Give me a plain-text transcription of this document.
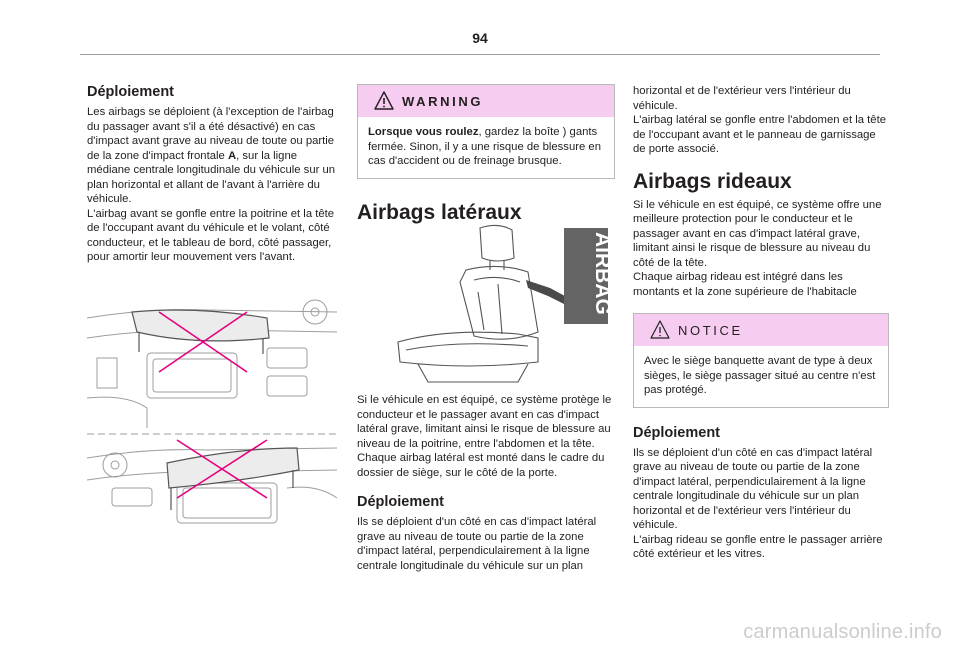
94
Déploiement

Les airbags se déploient (à l'exception de l'airbag du passager avant s'il a été désactivé) en cas d'impact avant grave au niveau de toute ou partie de la zone d'impact frontale A, sur la ligne médiane centrale longitudinale du véhicule sur un plan horizontal et allant de l'avant à l'arrière du véhicule.
L'airbag avant se gonfle entre la poitrine et la tête de l'occupant avant du véhicule et le volant, côté conducteur, et le tableau de bord, côté passager, pour amortir leur mouvement vers l'avant.

WARNING
Lorsque vous roulez, gardez la boîte ) gants fermée. Sinon, il y a une risque de blessure en cas d'accident ou de freinage brusque.
Airbags latéraux
AIRBAG

Si le véhicule en est équipé, ce système protège le conducteur et le passager avant en cas d'impact latéral grave, limitant ainsi le risque de blessure au niveau de la poitrine, entre l'abdomen et la tête.
Chaque airbag latéral est monté dans le cadre du dossier de siège, sur le côté de la porte.

Déploiement

Ils se déploient d'un côté en cas d'impact latéral grave au niveau de toute ou partie de la zone d'impact latéral, perpendiculairement à la ligne centrale longitudinale du véhicule sur un plan

horizontal et de l'extérieur vers l'intérieur du véhicule.
L'airbag latéral se gonfle entre l'abdomen et la tête de l'occupant avant et le panneau de garnissage de porte associé.

Airbags rideaux

Si le véhicule en est équipé, ce système offre une meilleure protection pour le conducteur et le passager avant en cas d'impact latéral grave, limitant ainsi le risque de blessure au niveau du côté de la tête.
Chaque airbag rideau est intégré dans les montants et la zone supérieure de l'habitacle

NOTICE
Avec le siège banquette avant de type à deux sièges, le siège passager situé au centre n'est pas protégé.
Déploiement

Ils se déploient d'un côté en cas d'impact latéral grave au niveau de toute ou partie de la zone d'impact latéral, perpendiculairement à la ligne centrale longitudinale du véhicule sur un plan horizontal et de l'extérieur vers l'intérieur du véhicule.
L'airbag rideau se gonfle entre le passager arrière côté extérieur et les vitres.

carmanualsonline.info
